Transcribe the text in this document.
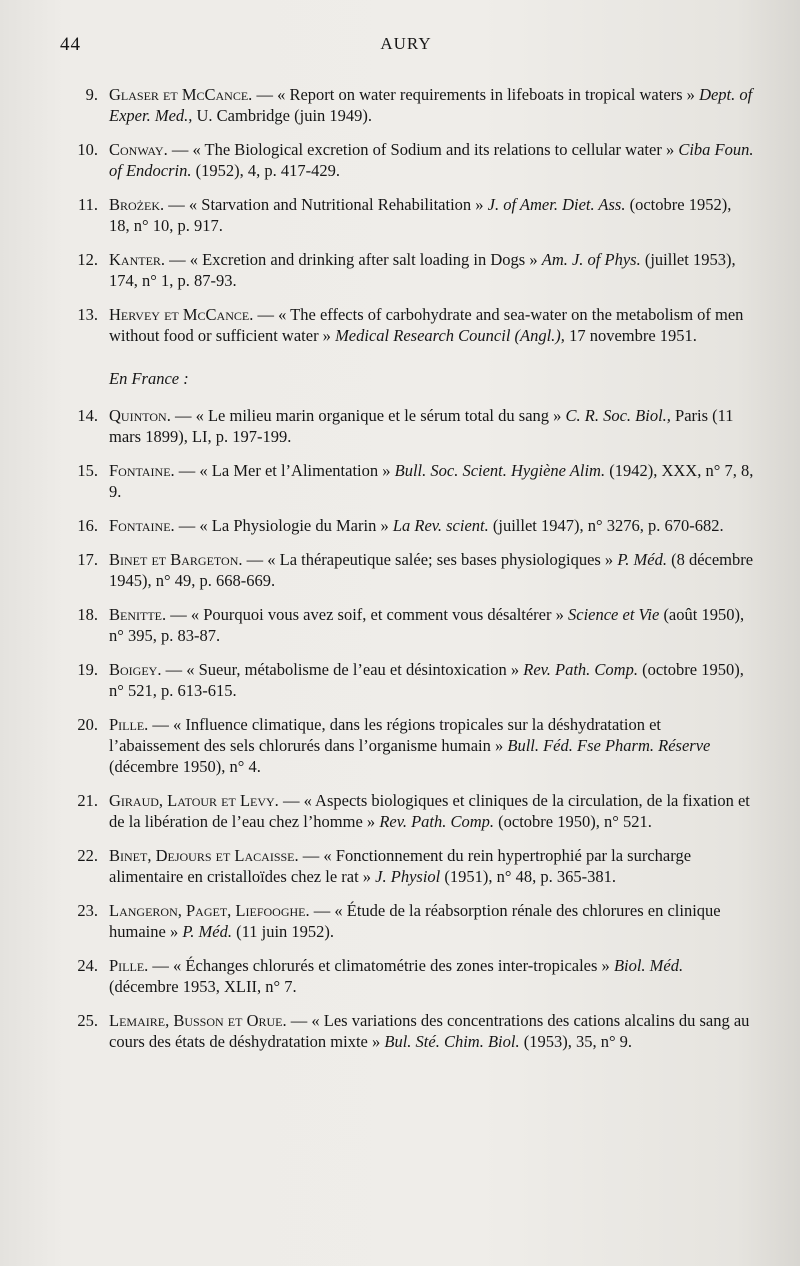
44	AURY
9. Glaser et McCance. — « Report on water requirements in lifeboats in tropical waters » Dept. of Exper. Med., U. Cambridge (juin 1949).
10. Conway. — « The Biological excretion of Sodium and its relations to cellular water » Ciba Foun. of Endocrin. (1952), 4, p. 417-429.
11. Brożek. — « Starvation and Nutritional Rehabilitation » J. of Amer. Diet. Ass. (octobre 1952), 18, n° 10, p. 917.
12. Kanter. — « Excretion and drinking after salt loading in Dogs » Am. J. of Phys. (juillet 1953), 174, n° 1, p. 87-93.
13. Hervey et McCance. — « The effects of carbohydrate and sea-water on the metabolism of men without food or sufficient water » Medical Research Council (Angl.), 17 novembre 1951.
En France :
14. Quinton. — « Le milieu marin organique et le sérum total du sang » C. R. Soc. Biol., Paris (11 mars 1899), LI, p. 197-199.
15. Fontaine. — « La Mer et l’Alimentation » Bull. Soc. Scient. Hygiène Alim. (1942), XXX, n° 7, 8, 9.
16. Fontaine. — « La Physiologie du Marin » La Rev. scient. (juillet 1947), n° 3276, p. 670-682.
17. Binet et Bargeton. — « La thérapeutique salée; ses bases physiologiques » P. Méd. (8 décembre 1945), n° 49, p. 668-669.
18. Benitte. — « Pourquoi vous avez soif, et comment vous désaltérer » Science et Vie (août 1950), n° 395, p. 83-87.
19. Boigey. — « Sueur, métabolisme de l’eau et désintoxication » Rev. Path. Comp. (octobre 1950), n° 521, p. 613-615.
20. Pille. — « Influence climatique, dans les régions tropicales sur la déshydratation et l’abaissement des sels chlorurés dans l’organisme humain » Bull. Féd. Fse Pharm. Réserve (décembre 1950), n° 4.
21. Giraud, Latour et Levy. — « Aspects biologiques et cliniques de la circulation, de la fixation et de la libération de l’eau chez l’homme » Rev. Path. Comp. (octobre 1950), n° 521.
22. Binet, Dejours et Lacaisse. — « Fonctionnement du rein hypertrophié par la surcharge alimentaire en cristalloïdes chez le rat » J. Physiol (1951), n° 48, p. 365-381.
23. Langeron, Paget, Liefooghe. — « Étude de la réabsorption rénale des chlorures en clinique humaine » P. Méd. (11 juin 1952).
24. Pille. — « Échanges chlorurés et climatométrie des zones inter-tropicales » Biol. Méd. (décembre 1953, XLII, n° 7.
25. Lemaire, Busson et Orue. — « Les variations des concentrations des cations alcalins du sang au cours des états de déshydratation mixte » Bul. Sté. Chim. Biol. (1953), 35, n° 9.
